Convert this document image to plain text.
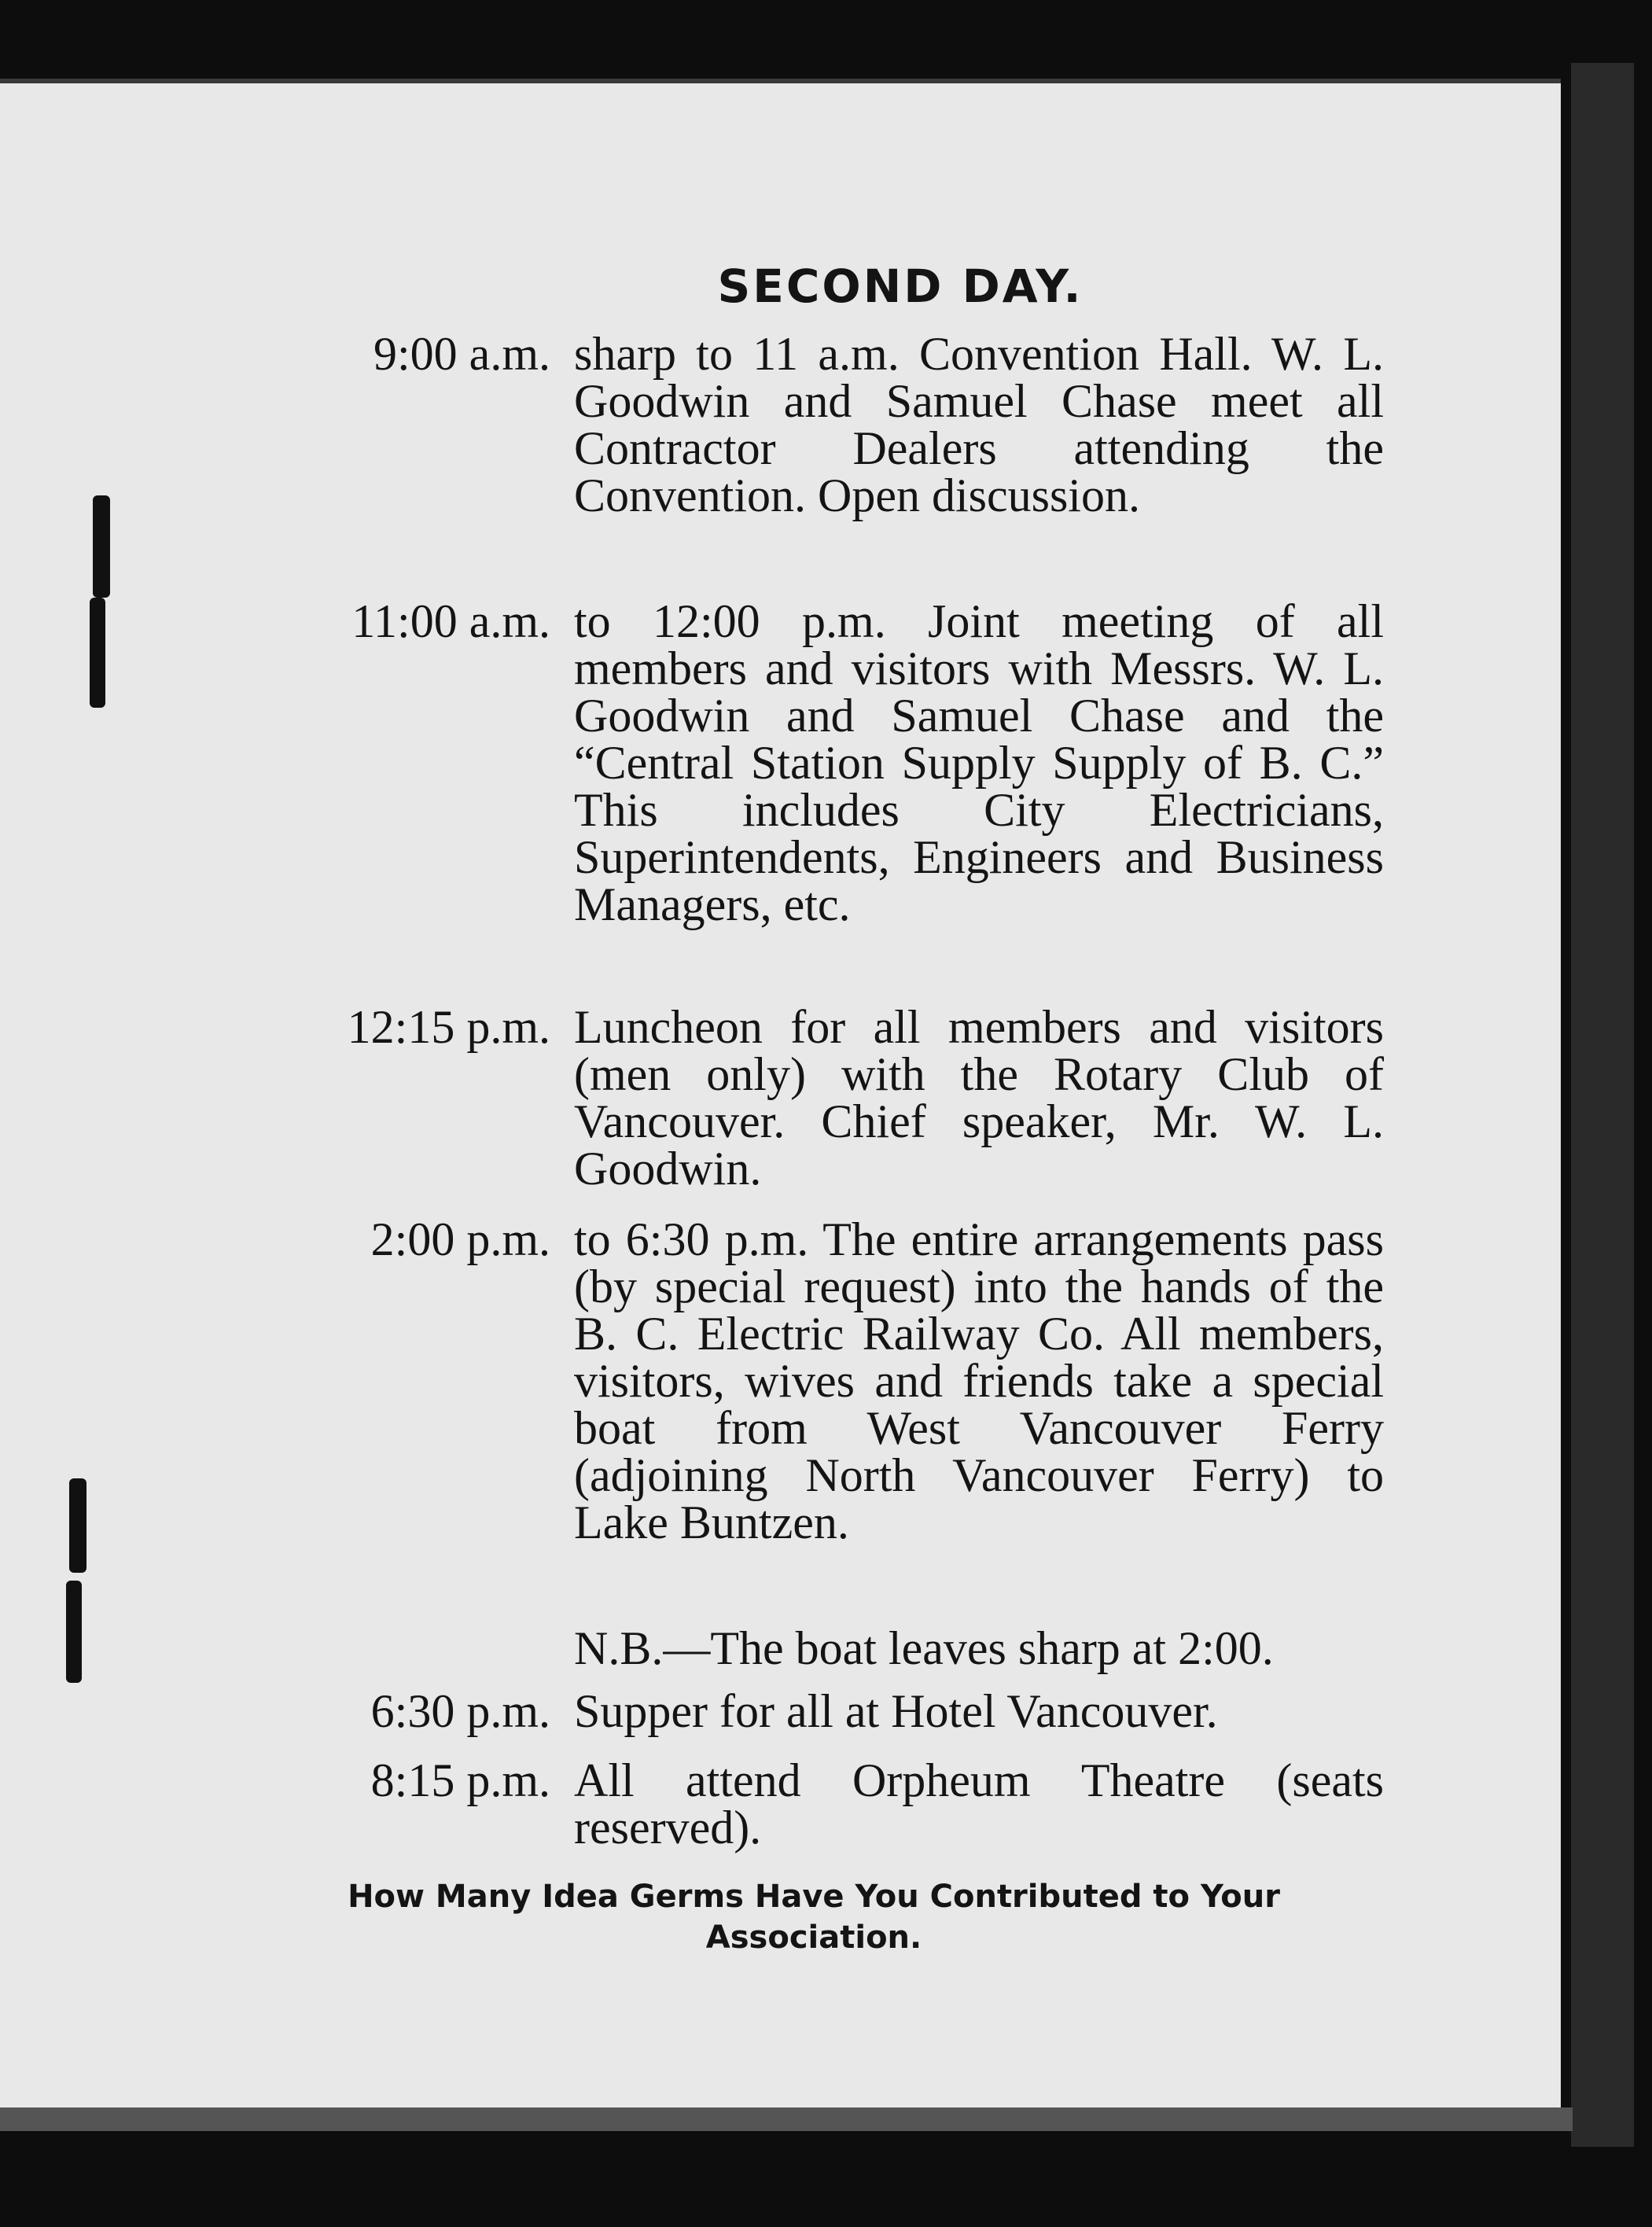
SECOND DAY.
9:00 a.m. sharp to 11 a.m. Convention Hall. W. L. Goodwin and Samuel Chase meet all Contractor Dealers attending the Convention. Open discussion.
11:00 a.m. to 12:00 p.m. Joint meeting of all members and visitors with Messrs. W. L. Goodwin and Samuel Chase and the “Central Station Supply Supply of B. C.” This includes City Electricians, Superintendents, Engineers and Business Managers, etc.
12:15 p.m. Luncheon for all members and visitors (men only) with the Rotary Club of Vancouver. Chief speaker, Mr. W. L. Goodwin.
2:00 p.m. to 6:30 p.m. The entire arrangements pass (by special request) into the hands of the B. C. Electric Railway Co. All members, visitors, wives and friends take a special boat from West Vancouver Ferry (adjoining North Vancouver Ferry) to Lake Buntzen.
N.B.—The boat leaves sharp at 2:00.
6:30 p.m. Supper for all at Hotel Vancouver.
8:15 p.m. All attend Orpheum Theatre (seats reserved).
How Many Idea Germs Have You Contributed to Your Association.
